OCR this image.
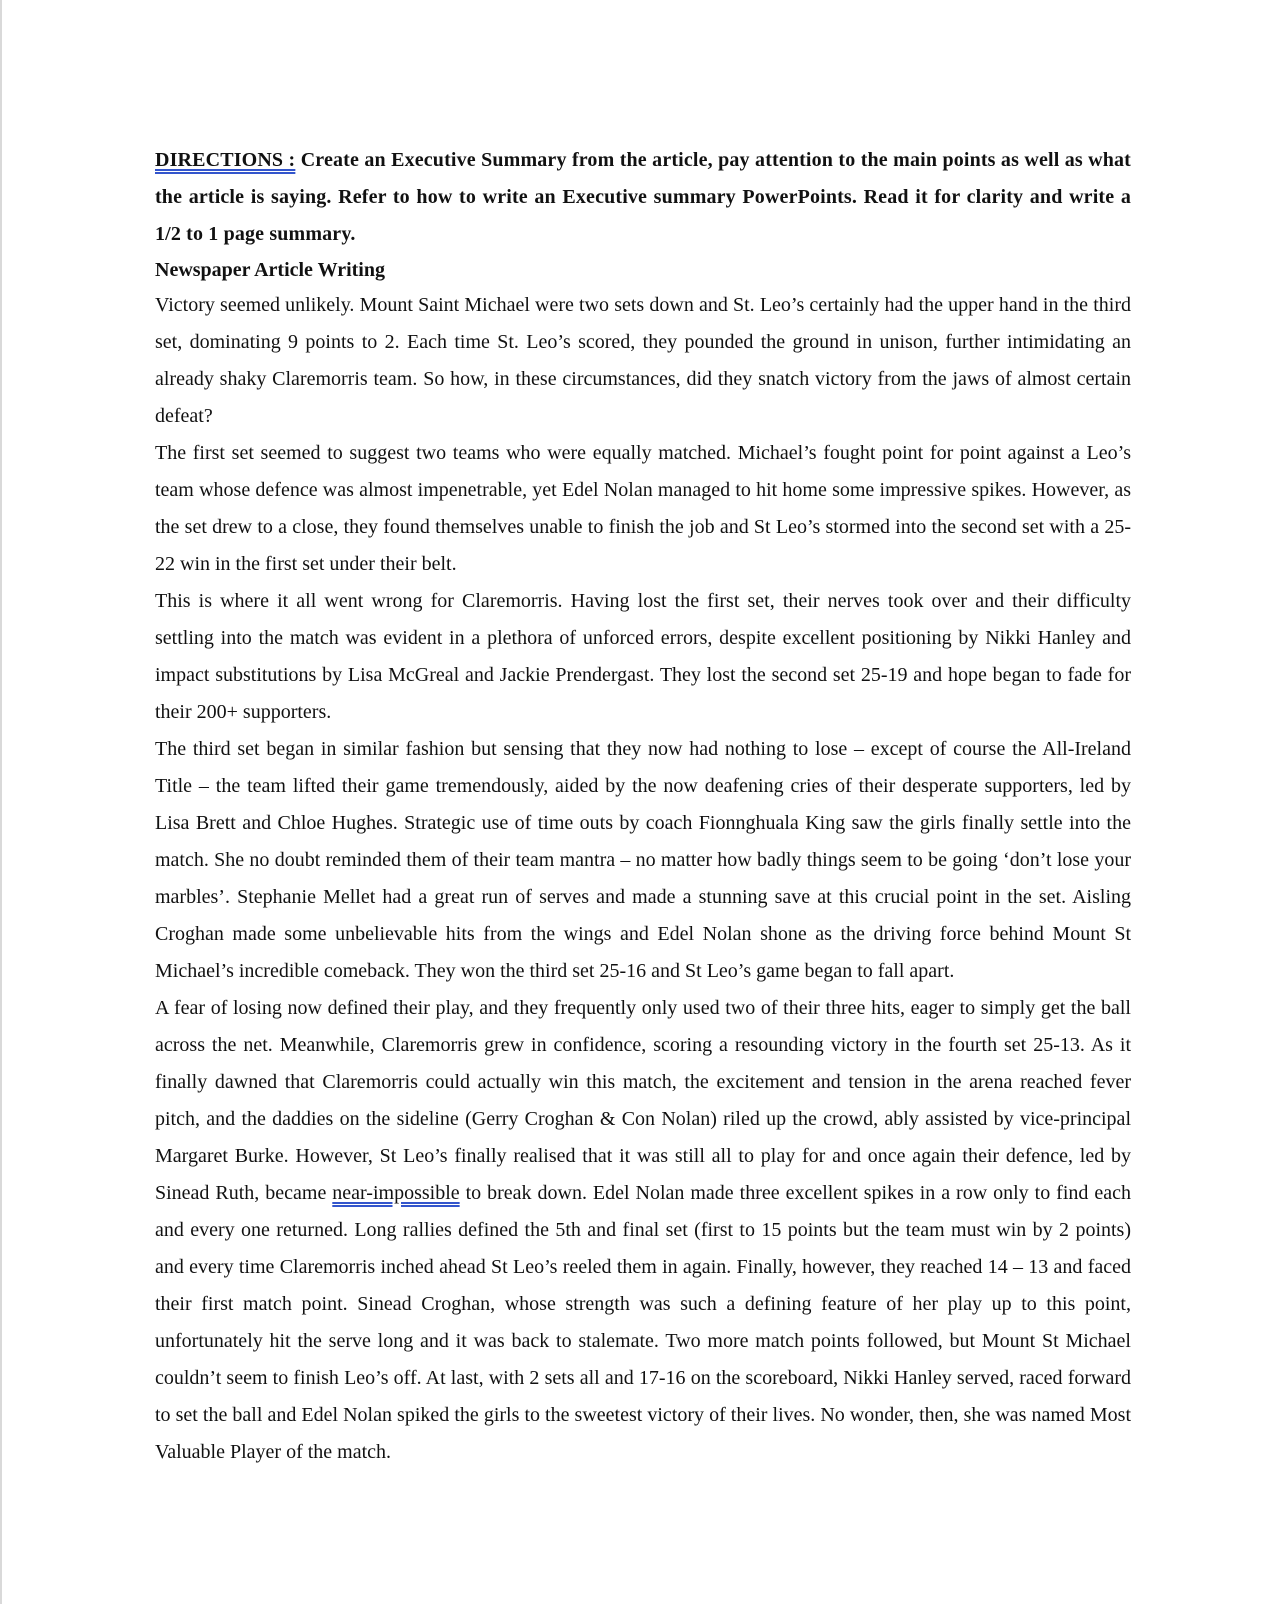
DIRECTIONS : Create an Executive Summary from the article, pay attention to the main points as well as what the article is saying. Refer to how to write an Executive summary PowerPoints. Read it for clarity and write a 1/2 to 1 page summary.

Newspaper Article Writing

Victory seemed unlikely. Mount Saint Michael were two sets down and St. Leo’s certainly had the upper hand in the third set, dominating 9 points to 2. Each time St. Leo’s scored, they pounded the ground in unison, further intimidating an already shaky Claremorris team. So how, in these circumstances, did they snatch victory from the jaws of almost certain defeat?

The first set seemed to suggest two teams who were equally matched. Michael’s fought point for point against a Leo’s team whose defence was almost impenetrable, yet Edel Nolan managed to hit home some impressive spikes. However, as the set drew to a close, they found themselves unable to finish the job and St Leo’s stormed into the second set with a 25-22 win in the first set under their belt.

This is where it all went wrong for Claremorris. Having lost the first set, their nerves took over and their difficulty settling into the match was evident in a plethora of unforced errors, despite excellent positioning by Nikki Hanley and impact substitutions by Lisa McGreal and Jackie Prendergast. They lost the second set 25-19 and hope began to fade for their 200+ supporters.

The third set began in similar fashion but sensing that they now had nothing to lose – except of course the All-Ireland Title – the team lifted their game tremendously, aided by the now deafening cries of their desperate supporters, led by Lisa Brett and Chloe Hughes. Strategic use of time outs by coach Fionnghuala King saw the girls finally settle into the match. She no doubt reminded them of their team mantra – no matter how badly things seem to be going ‘don’t lose your marbles’. Stephanie Mellet had a great run of serves and made a stunning save at this crucial point in the set. Aisling Croghan made some unbelievable hits from the wings and Edel Nolan shone as the driving force behind Mount St Michael’s incredible comeback. They won the third set 25-16 and St Leo’s game began to fall apart.

A fear of losing now defined their play, and they frequently only used two of their three hits, eager to simply get the ball across the net. Meanwhile, Claremorris grew in confidence, scoring a resounding victory in the fourth set 25-13. As it finally dawned that Claremorris could actually win this match, the excitement and tension in the arena reached fever pitch, and the daddies on the sideline (Gerry Croghan & Con Nolan) riled up the crowd, ably assisted by vice-principal Margaret Burke. However, St Leo’s finally realised that it was still all to play for and once again their defence, led by Sinead Ruth, became near-impossible to break down. Edel Nolan made three excellent spikes in a row only to find each and every one returned. Long rallies defined the 5th and final set (first to 15 points but the team must win by 2 points) and every time Claremorris inched ahead St Leo’s reeled them in again. Finally, however, they reached 14 – 13 and faced their first match point. Sinead Croghan, whose strength was such a defining feature of her play up to this point, unfortunately hit the serve long and it was back to stalemate. Two more match points followed, but Mount St Michael couldn’t seem to finish Leo’s off. At last, with 2 sets all and 17-16 on the scoreboard, Nikki Hanley served, raced forward to set the ball and Edel Nolan spiked the girls to the sweetest victory of their lives. No wonder, then, she was named Most Valuable Player of the match.
